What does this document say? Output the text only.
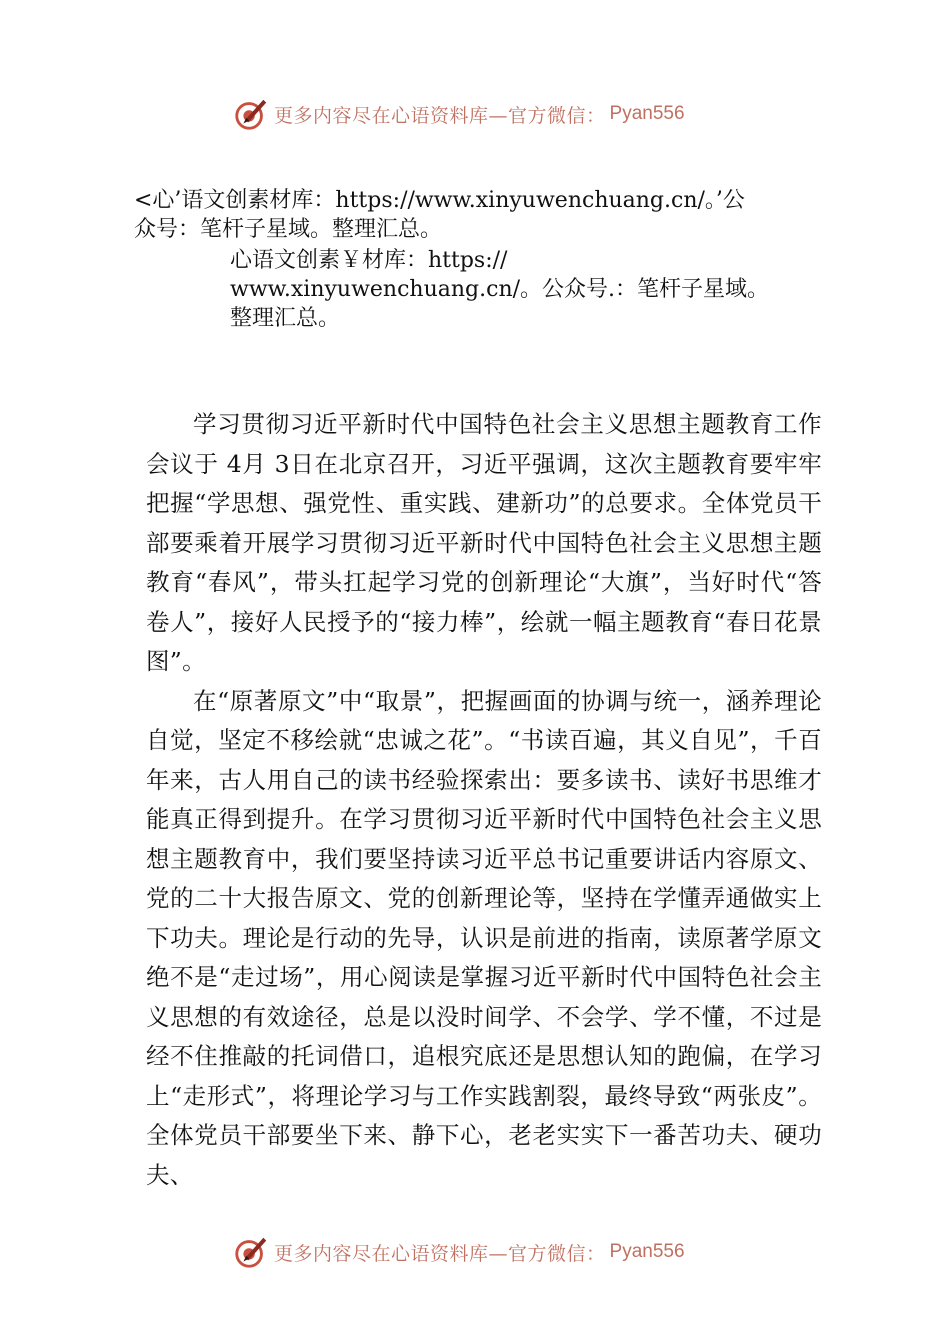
更多内容尽在心语资料库—官方微信： Pyan556
<心’语文创素材库：https://www.xinyuwenchuang.cn/。’公
众号：笔杆子星域。整理汇总。
心语文创素￥材库：https://
www.xinyuwenchuang.cn/。公众号.：笔杆子星域。
整理汇总。

学习贯彻习近平新时代中国特色社会主义思想主题教育工作会议于 4月 3日在北京召开，习近平强调，这次主题教育要牢牢把握“学思想、强党性、重实践、建新功”的总要求。全体党员干部要乘着开展学习贯彻习近平新时代中国特色社会主义思想主题教育“春风”，带头扛起学习党的创新理论“大旗”，当好时代“答卷人”，接好人民授予的“接力棒”，绘就一幅主题教育“春日花景图”。

在“原著原文”中“取景”，把握画面的协调与统一，涵养理论自觉，坚定不移绘就“忠诚之花”。“书读百遍，其义自见”，千百年来，古人用自己的读书经验探索出：要多读书、读好书思维才能真正得到提升。在学习贯彻习近平新时代中国特色社会主义思想主题教育中，我们要坚持读习近平总书记重要讲话内容原文、党的二十大报告原文、党的创新理论等，坚持在学懂弄通做实上下功夫。理论是行动的先导，认识是前进的指南，读原著学原文绝不是“走过场”，用心阅读是掌握习近平新时代中国特色社会主义思想的有效途径，总是以没时间学、不会学、学不懂，不过是经不住推敲的托词借口，追根究底还是思想认知的跑偏，在学习上“走形式”，将理论学习与工作实践割裂，最终导致“两张皮”。全体党员干部要坐下来、静下心，老老实实下一番苦功夫、硬功夫、

更多内容尽在心语资料库—官方微信： Pyan556
